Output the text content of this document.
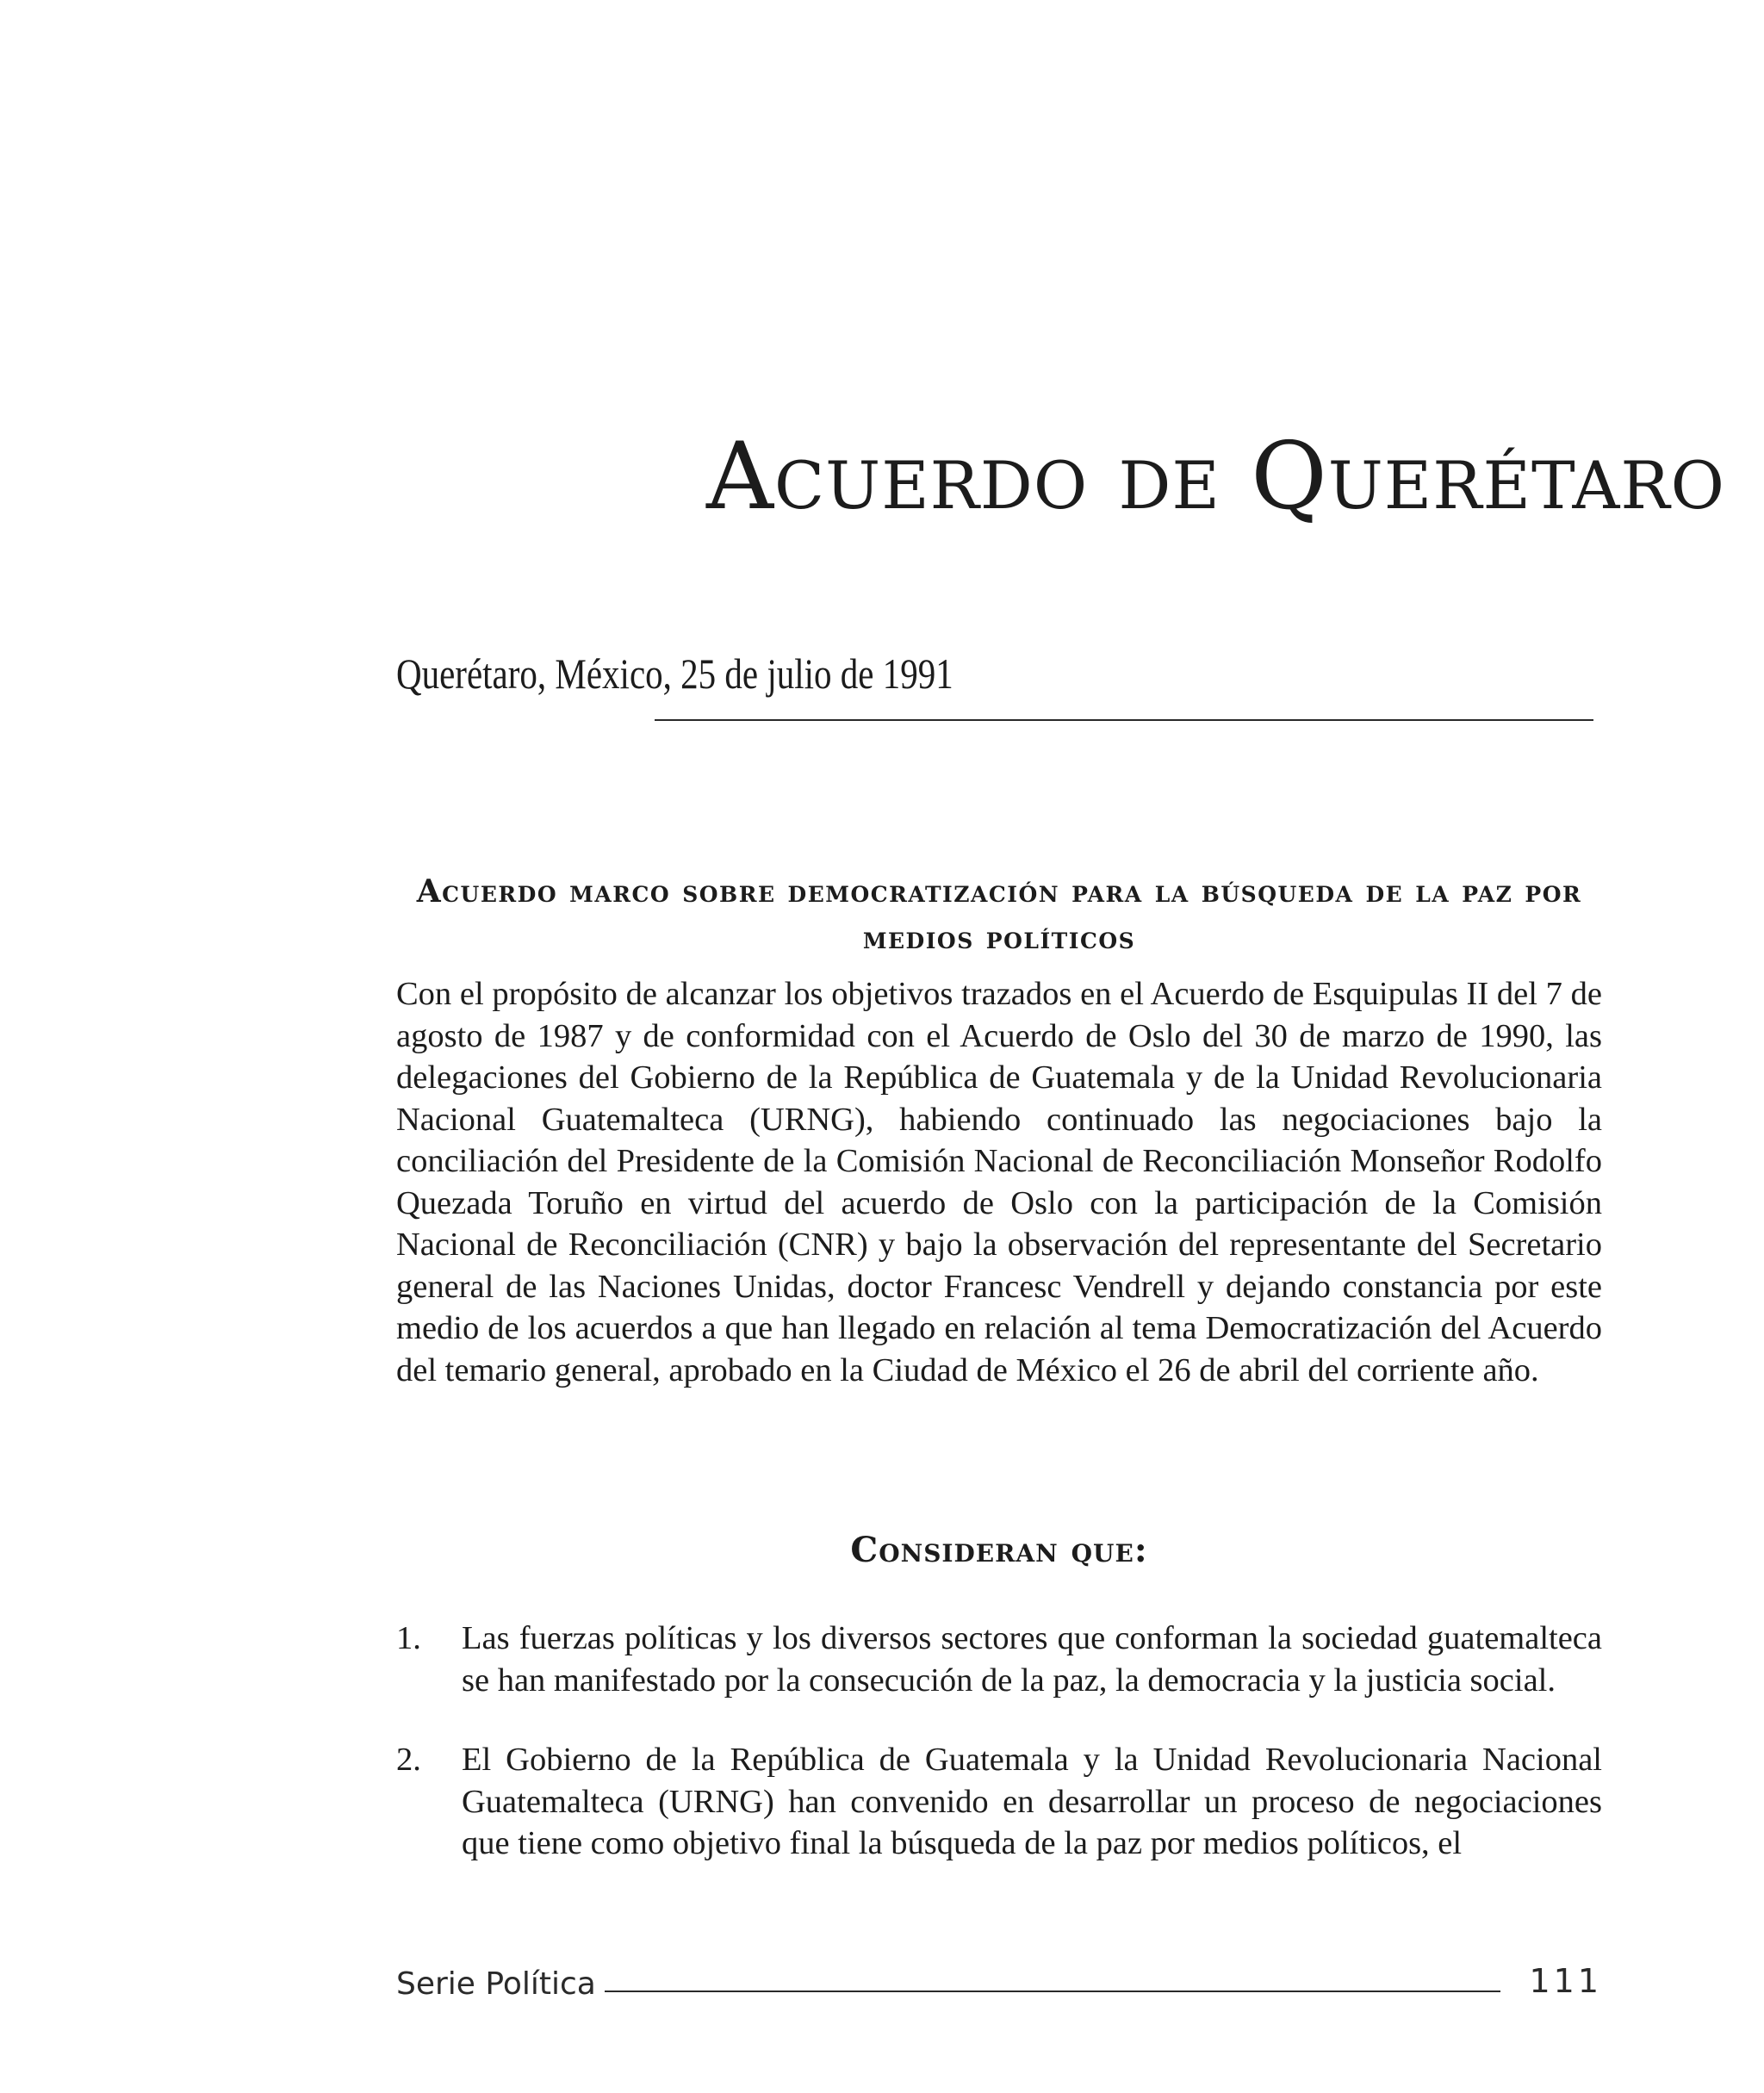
Acuerdo de Querétaro
Querétaro, México, 25 de julio de 1991
Acuerdo marco sobre democratización para la búsqueda de la paz por medios políticos

Con el propósito de alcanzar los objetivos trazados en el Acuerdo de Esquipulas II del 7 de agosto de 1987 y de conformidad con el Acuerdo de Oslo del 30 de marzo de 1990, las delegaciones del Gobierno de la República de Guatemala y de la Unidad Revolucionaria Nacional Guatemalteca (URNG), habiendo continuado las negociaciones bajo la conciliación del Presidente de la Comisión Nacional de Reconciliación Monseñor Rodolfo Quezada Toruño en virtud del acuerdo de Oslo con la participación de la Comisión Nacional de Reconciliación (CNR) y bajo la observación del representante del Secretario general de las Naciones Unidas, doctor Francesc Vendrell y dejando constancia por este medio de los acuerdos a que han llegado en relación al tema Democratización del Acuerdo del temario general, aprobado en la Ciudad de México el 26 de abril del corriente año.

Consideran que:
1. Las fuerzas políticas y los diversos sectores que conforman la sociedad guatemalteca se han manifestado por la consecución de la paz, la democracia y la justicia social.
2. El Gobierno de la República de Guatemala y la Unidad Revolucionaria Nacional Guatemalteca (URNG) han convenido en desarrollar un proceso de negociaciones que tiene como objetivo final la búsqueda de la paz por medios políticos, el
Serie Política	111
